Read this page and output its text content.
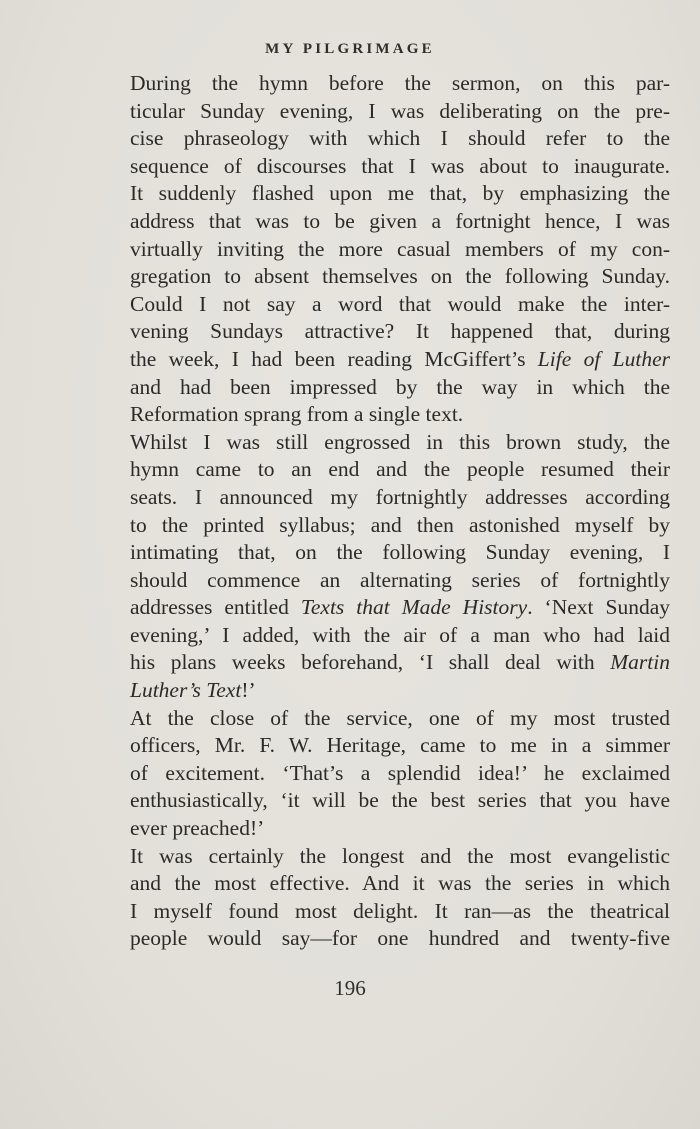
MY PILGRIMAGE

During the hymn before the sermon, on this par-
ticular Sunday evening, I was deliberating on the pre-
cise phraseology with which I should refer to the
sequence of discourses that I was about to inaugurate.
It suddenly flashed upon me that, by emphasizing the
address that was to be given a fortnight hence, I was
virtually inviting the more casual members of my con-
gregation to absent themselves on the following Sunday.
Could I not say a word that would make the inter-
vening Sundays attractive? It happened that, during
the week, I had been reading McGiffert’s Life of Luther
and had been impressed by the way in which the
Reformation sprang from a single text.

Whilst I was still engrossed in this brown study, the
hymn came to an end and the people resumed their
seats. I announced my fortnightly addresses according
to the printed syllabus; and then astonished myself by
intimating that, on the following Sunday evening, I
should commence an alternating series of fortnightly
addresses entitled Texts that Made History. ‘Next Sunday
evening,’ I added, with the air of a man who had laid
his plans weeks beforehand, ‘I shall deal with Martin
Luther’s Text!’

At the close of the service, one of my most trusted
officers, Mr. F. W. Heritage, came to me in a simmer
of excitement. ‘That’s a splendid idea!’ he exclaimed
enthusiastically, ‘it will be the best series that you have
ever preached!’

It was certainly the longest and the most evangelistic
and the most effective. And it was the series in which
I myself found most delight. It ran—as the theatrical
people would say—for one hundred and twenty-five

196
